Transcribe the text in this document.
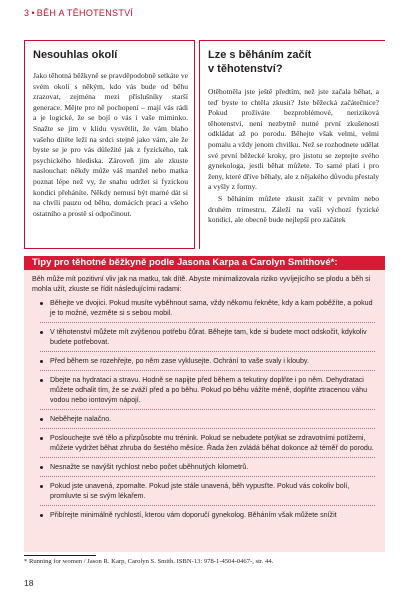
3 • BĚH A TĚHOTENSTVÍ
Nesouhlas okolí

Jako těhotná běžkyně se pravděpodobně setkáte ve svém okolí s někým, kdo vás bude od běhu zrazovat, zejména mezi příslušníky starší generace. Mějte pro ně pochopení – mají vás rádi a je logické, že se bojí o vás i vaše miminko. Snažte se jim v klidu vysvětlit, že vám blaho vašeho dítěte leží na srdci stejně jako vám, ale že byste se je pro vás důležité jak z fyzického, tak psychického hlediska. Zároveň jim ale zkuste naslouchat: někdy může váš manžel nebo matka poznat lépe než vy, že snahu udržet si fyzickou kondici přeháníte. Někdy nemusí být marné dát si na chvíli pauzu od běhu, domácích prací a všeho ostatního a prostě si odpočinout.

Lze s běháním začít
v těhotenství?

Otěhotněla jste ještě předtím, než jste začala běhat, a teď byste to chtěla zkusit? Jste běžecká začátečnice? Pokud prožíváte bezproblémové, neriziková těhotenství, není nezbytně nutné první zkušenosti odkládat až po porodu. Běhejte však velmi, velmi pomalu a vždy jenom chvilku. Než se rozhodnete udělat své první běžecké kroky, pro jistotu se zeptejte svého gynekologa, jestli běhat můžete. To samé platí i pro ženy, které dříve běhaly, ale z nějakého důvodu přestaly a vyšly z formy.

S běháním můžete zkusit začít v prvním nebo druhém trimestru. Záleží na vaší výchozí fyzické kondici, ale obecně bude nejlepší pro začátek

Tipy pro těhotné běžkyně podle Jasona Karpa a Carolyn Smithové*:
Běh může mít pozitivní vliv jak na matku, tak dítě. Abyste minimalizovala riziko vyvíjejícího se plodu a běh si mohla užít, zkuste se řídit následujícími radami:
Běhejte ve dvojici. Pokud musíte vyběhnout sama, vždy někomu řekněte, kdy a kam poběžíte, a pokud je to možné, vezměte si s sebou mobil.
V těhotenství můžete mít zvýšenou potřebu čůrat. Běhejte tam, kde si budete moct odskočit, kdykoliv budete potřebovat.
Před během se rozehřejte, po něm zase vyklusejte. Ochrání to vaše svaly i klouby.
Dbejte na hydrataci a stravu. Hodně se napijte před během a tekutiny doplňte i po něm. Dehydrataci můžete odhalit tím, že se zváží před a po běhu. Pokud po běhu vážíte méně, doplňte ztracenou váhu vodou nebo iontovým nápojí.
Neběhejte nalačno.
Poslouchejte své tělo a přizpůsobte mu trénink. Pokud se nebudete potýkat se zdravotními potížemi, můžete vydržet běhat zhruba do šestého měsíce. Řada žen zvládá běhat dokonce až téměř do porodu.
Nesnažte se navýšit rychlost nebo počet uběhnutých kilometrů.
Pokud jste unavená, zpomalte. Pokud jste stále unavená, běh vypusťte. Pokud vás cokoliv bolí, promluvte si se svým lékařem.
Přibírejte minimálně rychlostí, kterou vám doporučí gynekolog. Běháním však můžete snížit
* Running for women / Jason R. Karp, Carolyn S. Smith. ISBN-13: 978-1-4504-0467-, str. 44.
18
